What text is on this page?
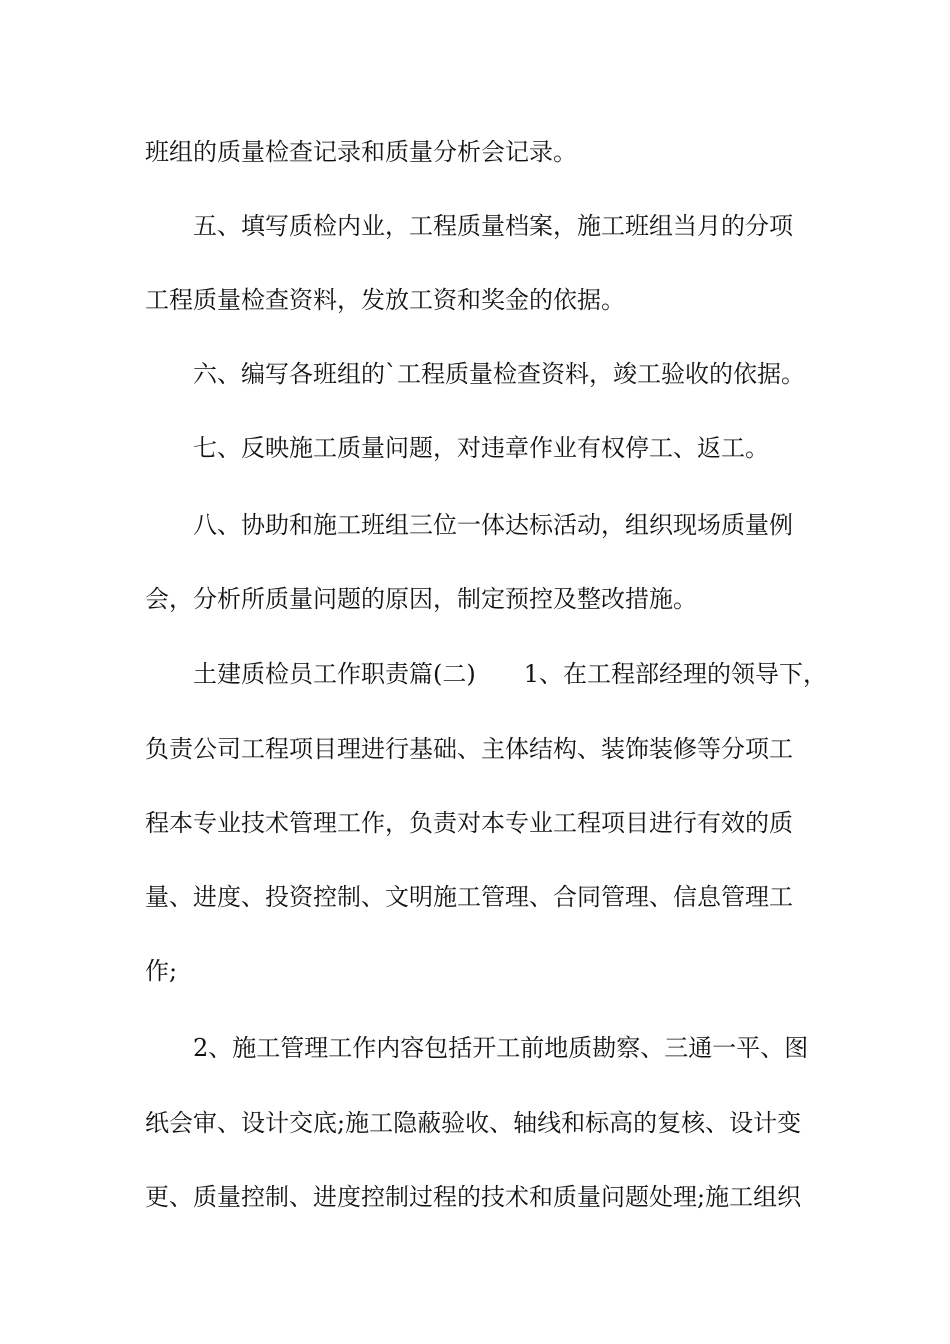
班组的质量检查记录和质量分析会记录。
五、填写质检内业，工程质量档案，施工班组当月的分项
工程质量检查资料，发放工资和奖金的依据。
六、编写各班组的`工程质量检查资料，竣工验收的依据。
七、反映施工质量问题，对违章作业有权停工、返工。
八、协助和施工班组三位一体达标活动，组织现场质量例
会，分析所质量问题的原因，制定预控及整改措施。
土建质检员工作职责篇(二)　　1、在工程部经理的领导下，
负责公司工程项目理进行基础、主体结构、装饰装修等分项工
程本专业技术管理工作，负责对本专业工程项目进行有效的质
量、进度、投资控制、文明施工管理、合同管理、信息管理工
作;
2、施工管理工作内容包括开工前地质勘察、三通一平、图
纸会审、设计交底;施工隐蔽验收、轴线和标高的复核、设计变
更、质量控制、进度控制过程的技术和质量问题处理;施工组织
